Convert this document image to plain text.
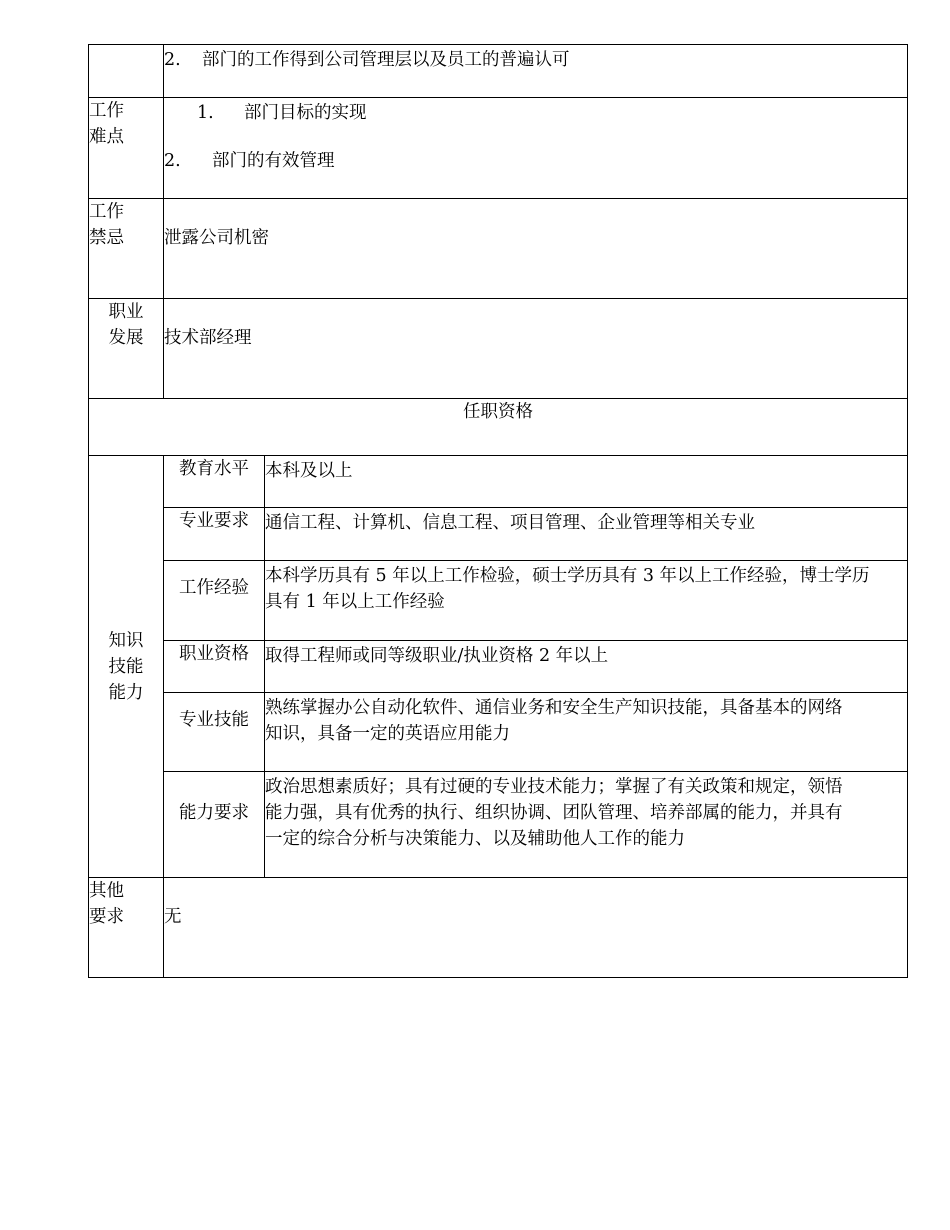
	2. 部门的工作得到公司管理层以及员工的普遍认可	

工作
难点	1. 部门目标的实现
2. 部门的有效管理	

工作
禁忌	泄露公司机密	

职业
发展	技术部经理	

任职资格		

知识
技能
能力	教育水平	本科及以上

	专业要求	通信工程、计算机、信息工程、项目管理、企业管理等相关专业

	工作经验	本科学历具有 5 年以上工作检验，硕士学历具有 3 年以上工作经验，博士学历
具有 1 年以上工作经验

	职业资格	取得工程师或同等级职业/执业资格 2 年以上

	专业技能	熟练掌握办公自动化软件、通信业务和安全生产知识技能，具备基本的网络
知识，具备一定的英语应用能力

	能力要求	政治思想素质好；具有过硬的专业技术能力；掌握了有关政策和规定，领悟
能力强，具有优秀的执行、组织协调、团队管理、培养部属的能力，并具有
一定的综合分析与决策能力、以及辅助他人工作的能力

其他
要求	无	
